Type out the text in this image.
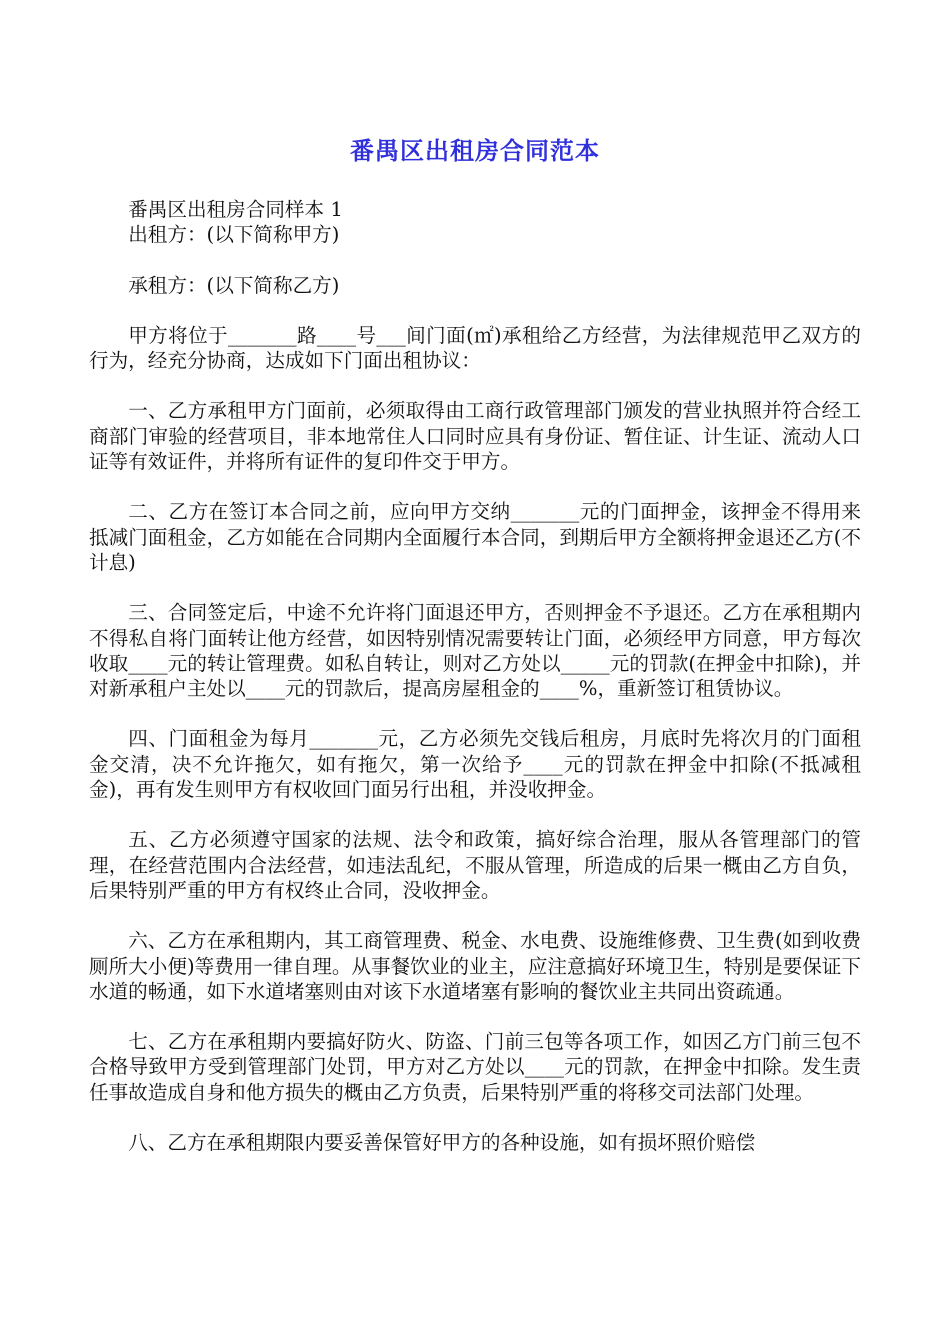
番禺区出租房合同范本

番禺区出租房合同样本 1

出租方：(以下简称甲方)

承租方：(以下简称乙方)

甲方将位于_______路____号___间门面(㎡)承租给乙方经营，为法律规范甲乙双方的行为，经充分协商，达成如下门面出租协议：

一、乙方承租甲方门面前，必须取得由工商行政管理部门颁发的营业执照并符合经工商部门审验的经营项目，非本地常住人口同时应具有身份证、暂住证、计生证、流动人口证等有效证件，并将所有证件的复印件交于甲方。

二、乙方在签订本合同之前，应向甲方交纳_______元的门面押金，该押金不得用来抵减门面租金，乙方如能在合同期内全面履行本合同，到期后甲方全额将押金退还乙方(不计息)

三、合同签定后，中途不允许将门面退还甲方，否则押金不予退还。乙方在承租期内不得私自将门面转让他方经营，如因特别情况需要转让门面，必须经甲方同意，甲方每次收取____元的转让管理费。如私自转让，则对乙方处以_____元的罚款(在押金中扣除)，并对新承租户主处以____元的罚款后，提高房屋租金的____%，重新签订租赁协议。

四、门面租金为每月_______元，乙方必须先交钱后租房，月底时先将次月的门面租金交清，决不允许拖欠，如有拖欠，第一次给予____元的罚款在押金中扣除(不抵减租金)，再有发生则甲方有权收回门面另行出租，并没收押金。

五、乙方必须遵守国家的法规、法令和政策，搞好综合治理，服从各管理部门的管理，在经营范围内合法经营，如违法乱纪，不服从管理，所造成的后果一概由乙方自负，后果特别严重的甲方有权终止合同，没收押金。

六、乙方在承租期内，其工商管理费、税金、水电费、设施维修费、卫生费(如到收费厕所大小便)等费用一律自理。从事餐饮业的业主，应注意搞好环境卫生，特别是要保证下水道的畅通，如下水道堵塞则由对该下水道堵塞有影响的餐饮业主共同出资疏通。

七、乙方在承租期内要搞好防火、防盗、门前三包等各项工作，如因乙方门前三包不合格导致甲方受到管理部门处罚，甲方对乙方处以____元的罚款，在押金中扣除。发生责任事故造成自身和他方损失的概由乙方负责，后果特别严重的将移交司法部门处理。

八、乙方在承租期限内要妥善保管好甲方的各种设施，如有损坏照价赔偿
